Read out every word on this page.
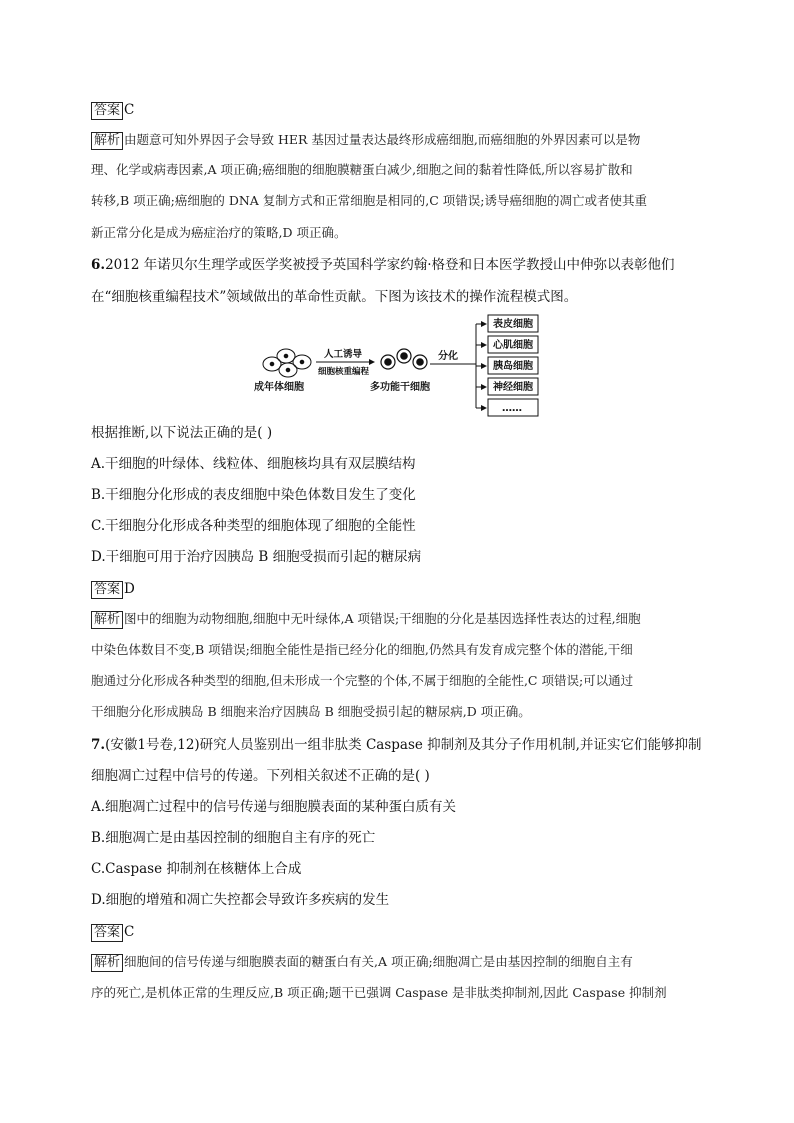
答案 C
解析 由题意可知外界因子会导致 HER 基因过量表达最终形成癌细胞,而癌细胞的外界因素可以是物
理、化学或病毒因素,A 项正确;癌细胞的细胞膜糖蛋白减少,细胞之间的黏着性降低,所以容易扩散和
转移,B 项正确;癌细胞的 DNA 复制方式和正常细胞是相同的,C 项错误;诱导癌细胞的凋亡或者使其重
新正常分化是成为癌症治疗的策略,D 项正确。
6.2012 年诺贝尔生理学或医学奖被授予英国科学家约翰·格登和日本医学教授山中伸弥以表彰他们
在“细胞核重编程技术”领域做出的革命性贡献。下图为该技术的操作流程模式图。
成年体细胞
人工诱导
细胞核重编程
多功能干细胞
分化
表皮细胞
心肌细胞
胰岛细胞
神经细胞
……
根据推断,以下说法正确的是( )
A.干细胞的叶绿体、线粒体、细胞核均具有双层膜结构
B.干细胞分化形成的表皮细胞中染色体数目发生了变化
C.干细胞分化形成各种类型的细胞体现了细胞的全能性
D.干细胞可用于治疗因胰岛 B 细胞受损而引起的糖尿病
答案 D
解析 图中的细胞为动物细胞,细胞中无叶绿体,A 项错误;干细胞的分化是基因选择性表达的过程,细胞
中染色体数目不变,B 项错误;细胞全能性是指已经分化的细胞,仍然具有发育成完整个体的潜能,干细
胞通过分化形成各种类型的细胞,但未形成一个完整的个体,不属于细胞的全能性,C 项错误;可以通过
干细胞分化形成胰岛 B 细胞来治疗因胰岛 B 细胞受损引起的糖尿病,D 项正确。
7.(安徽1号卷,12)研究人员鉴别出一组非肽类 Caspase 抑制剂及其分子作用机制,并证实它们能够抑制
细胞凋亡过程中信号的传递。下列相关叙述不正确的是( )
A.细胞凋亡过程中的信号传递与细胞膜表面的某种蛋白质有关
B.细胞凋亡是由基因控制的细胞自主有序的死亡
C.Caspase 抑制剂在核糖体上合成
D.细胞的增殖和凋亡失控都会导致许多疾病的发生
答案 C
解析 细胞间的信号传递与细胞膜表面的糖蛋白有关,A 项正确;细胞凋亡是由基因控制的细胞自主有
序的死亡,是机体正常的生理反应,B 项正确;题干已强调 Caspase 是非肽类抑制剂,因此 Caspase 抑制剂
